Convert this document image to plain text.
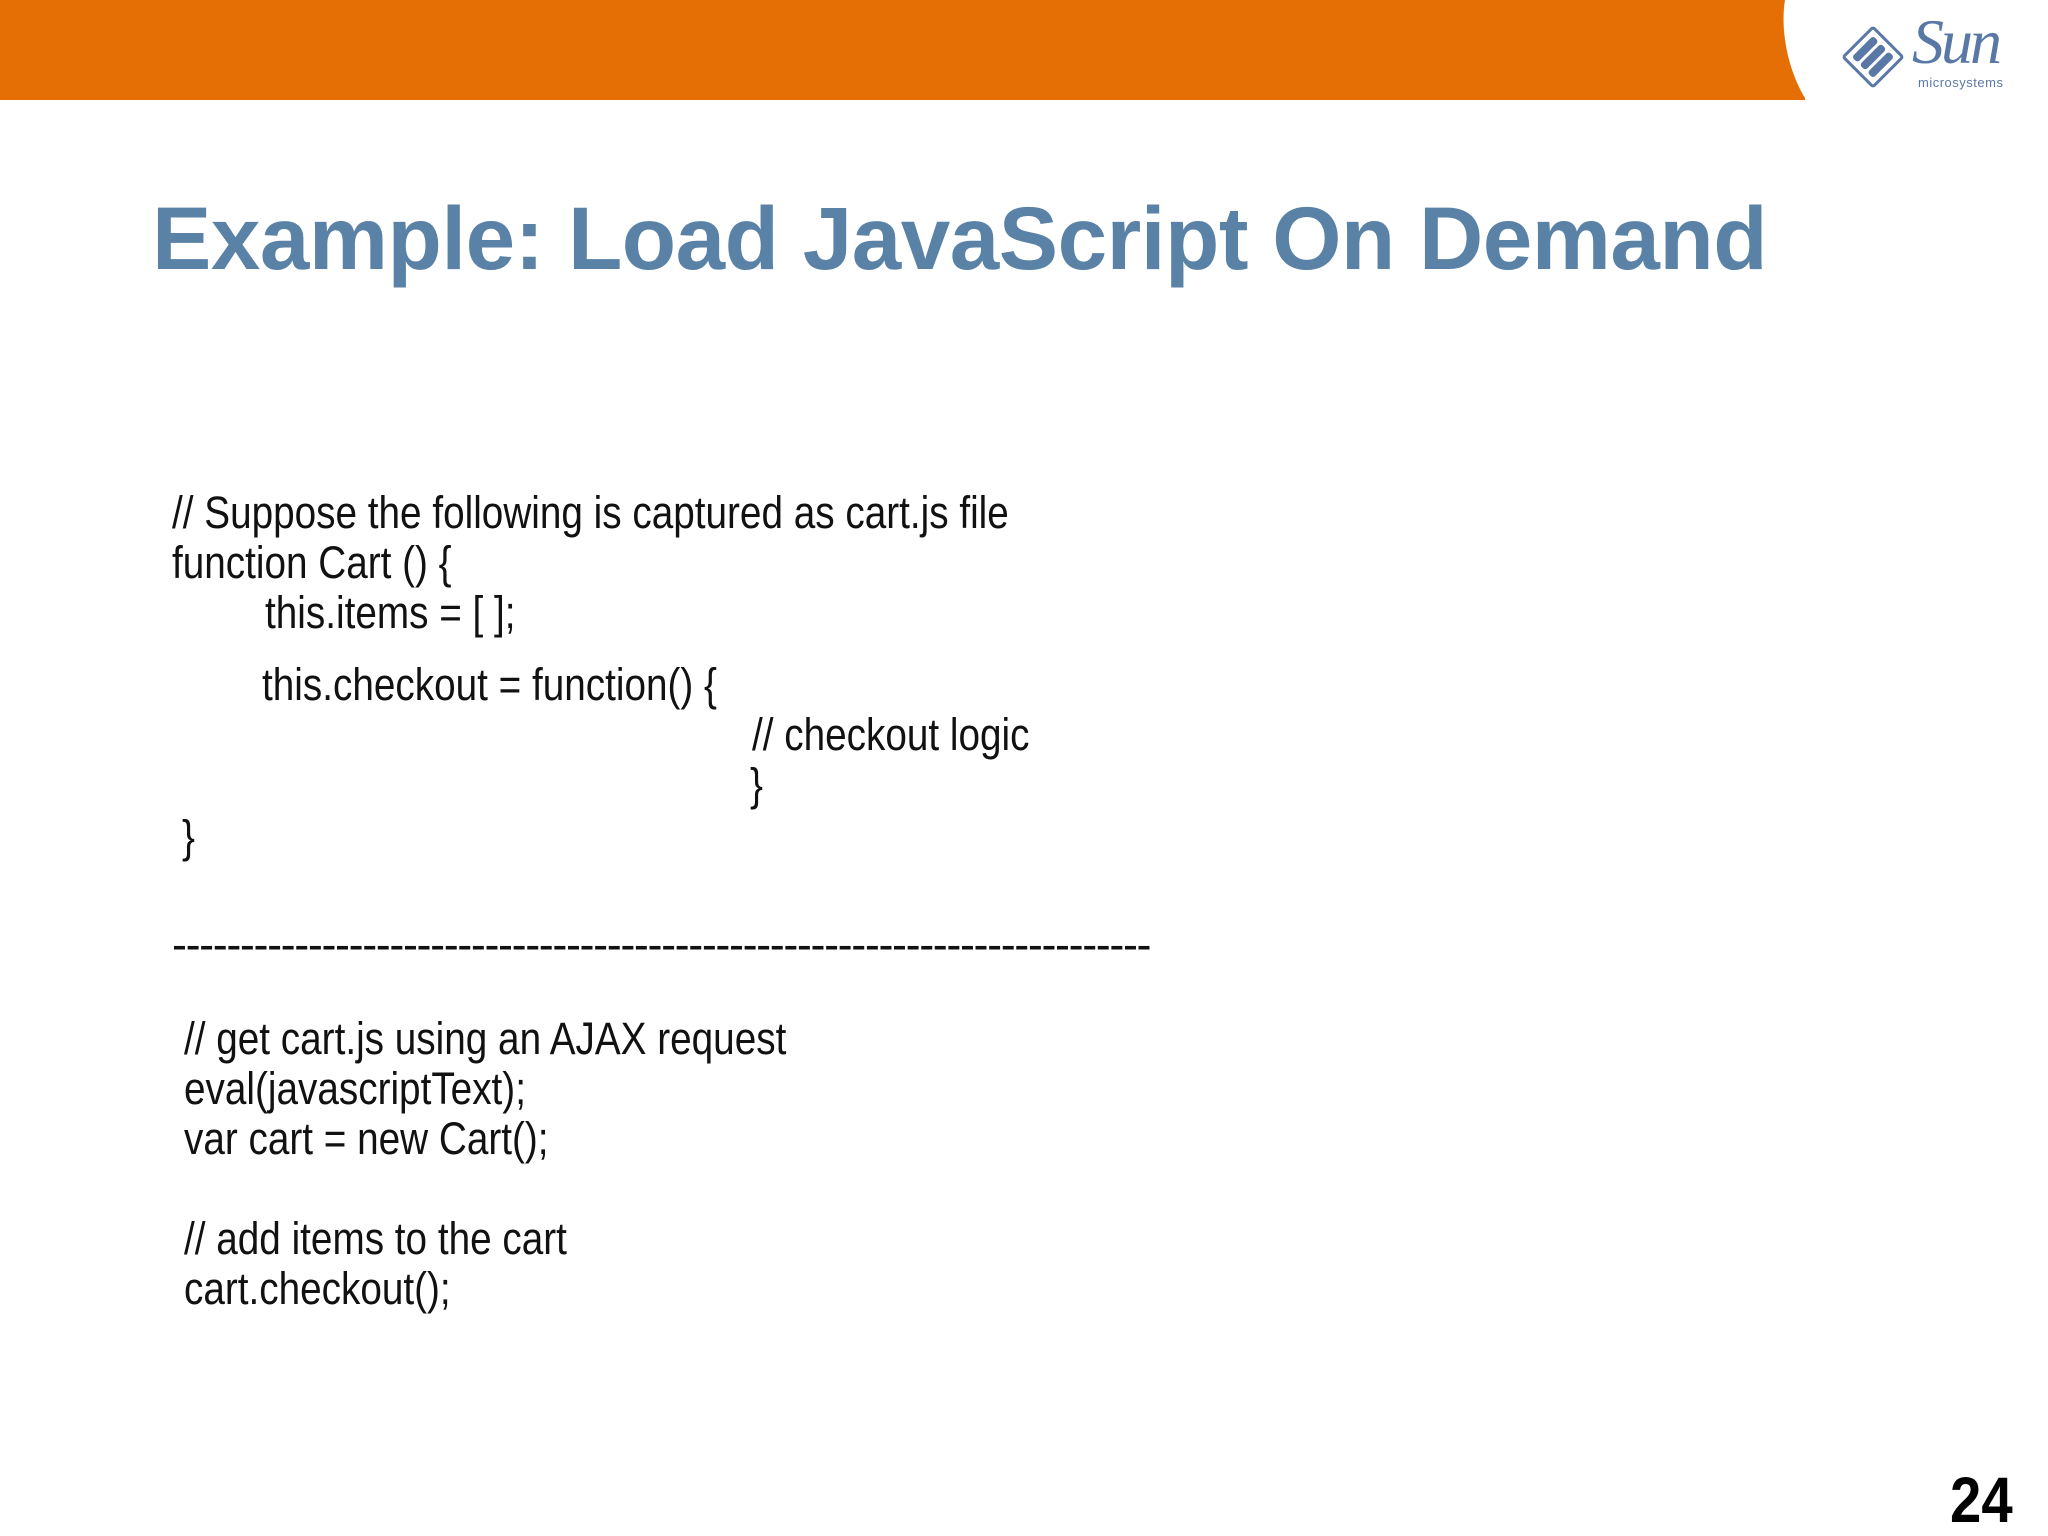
Sun
microsystems
Example: Load JavaScript On Demand
// Suppose the following is captured as cart.js file
function Cart () {
this.items = [ ];
this.checkout = function() {
// checkout logic
}
}
------------------------------------------------------------------------
// get cart.js using an AJAX request
eval(javascriptText);
var cart = new Cart();
// add items to the cart
cart.checkout();
24
